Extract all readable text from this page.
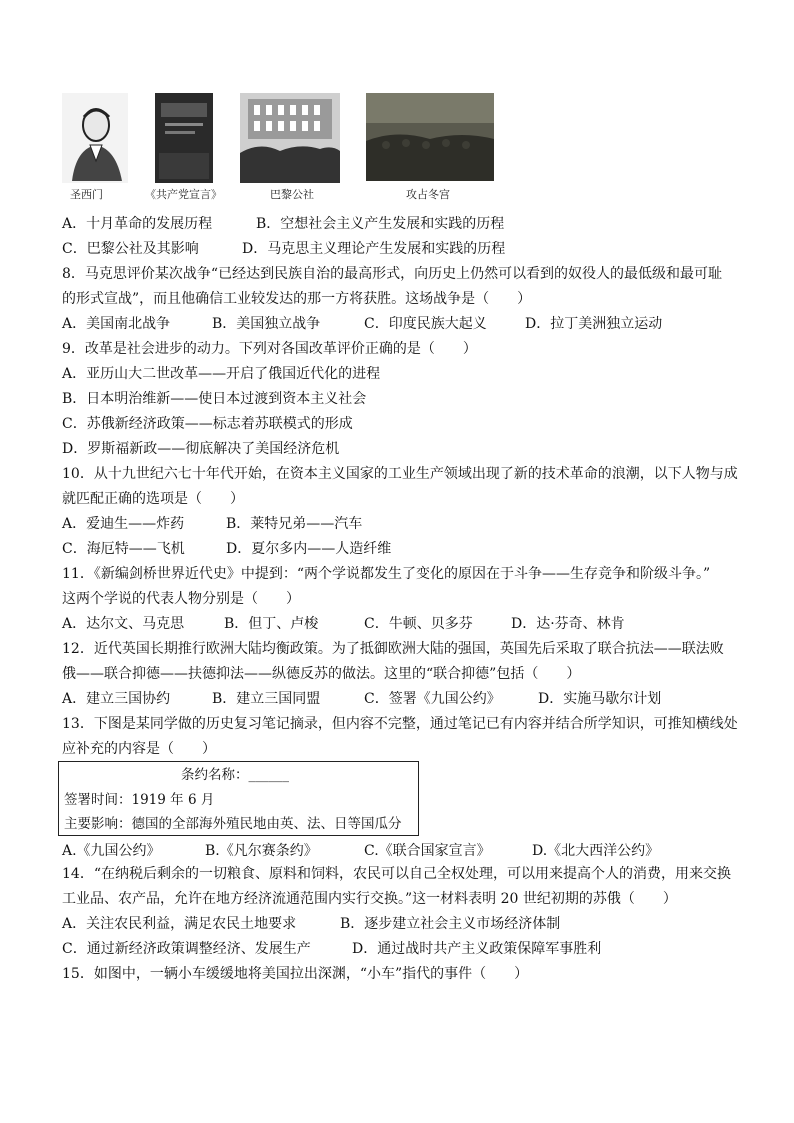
圣西门	《共产党宣言》	巴黎公社	攻占冬宫
A．十月革命的发展历程	B．空想社会主义产生发展和实践的历程
C．巴黎公社及其影响	D．马克思主义理论产生发展和实践的历程
8．马克思评价某次战争“已经达到民族自治的最高形式，向历史上仍然可以看到的奴役人的最低级和最可耻
的形式宣战”，而且他确信工业较发达的那一方将获胜。这场战争是（　　）
A．美国南北战争	B．美国独立战争	C．印度民族大起义	D．拉丁美洲独立运动
9．改革是社会进步的动力。下列对各国改革评价正确的是（　　）
A．亚历山大二世改革——开启了俄国近代化的进程
B．日本明治维新——使日本过渡到资本主义社会
C．苏俄新经济政策——标志着苏联模式的形成
D．罗斯福新政——彻底解决了美国经济危机
10．从十九世纪六七十年代开始，在资本主义国家的工业生产领域出现了新的技术革命的浪潮，以下人物与成
就匹配正确的选项是（　　）
A．爱迪生——炸药	B．莱特兄弟——汽车
C．海厄特——飞机	D．夏尔多内——人造纤维
11．《新编剑桥世界近代史》中提到：“两个学说都发生了变化的原因在于斗争——生存竞争和阶级斗争。”
这两个学说的代表人物分别是（　　）
A．达尔文、马克思	B．但丁、卢梭	C．牛顿、贝多芬	D．达·芬奇、林肯
12．近代英国长期推行欧洲大陆均衡政策。为了抵御欧洲大陆的强国，英国先后采取了联合抗法——联法败
俄——联合抑德——扶德抑法——纵德反苏的做法。这里的“联合抑德”包括（　　）
A．建立三国协约	B．建立三国同盟	C．签署《九国公约》	D．实施马歇尔计划
13．下图是某同学做的历史复习笔记摘录，但内容不完整，通过笔记已有内容并结合所学知识，可推知横线处
应补充的内容是（　　）
条约名称：______
签署时间：1919 年 6 月
主要影响：德国的全部海外殖民地由英、法、日等国瓜分
A.《九国公约》	B.《凡尔赛条约》	C.《联合国家宣言》	D.《北大西洋公约》
14．“在纳税后剩余的一切粮食、原料和饲料，农民可以自己全权处理，可以用来提高个人的消费，用来交换
工业品、农产品，允许在地方经济流通范围内实行交换。”这一材料表明 20 世纪初期的苏俄（　　）
A．关注农民利益，满足农民土地要求	B．逐步建立社会主义市场经济体制
C．通过新经济政策调整经济、发展生产	D．通过战时共产主义政策保障军事胜利
15．如图中，一辆小车缓缓地将美国拉出深渊，“小车”指代的事件（　　）
